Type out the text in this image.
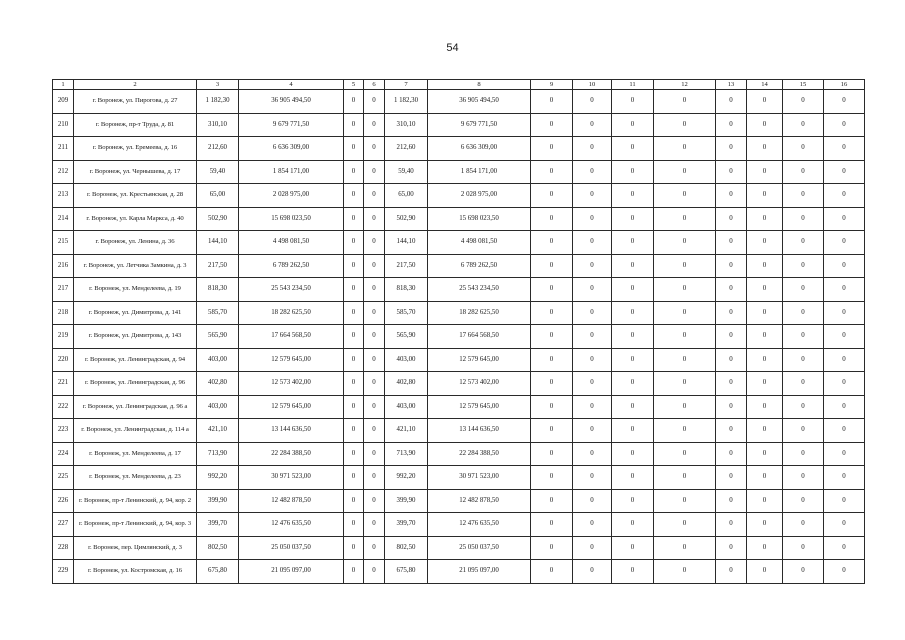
54
1	2	3	4	5	6	7	8	9	10	11	12	13	14	15	16
209	г. Воронеж, ул. Пирогова, д. 27	1 182,30	36 905 494,50	0	0	1 182,30	36 905 494,50	0	0	0	0	0	0	0	0
210	г. Воронеж, пр-т Труда, д. 81	310,10	9 679 771,50	0	0	310,10	9 679 771,50	0	0	0	0	0	0	0	0
211	г. Воронеж, ул. Еремеева, д. 16	212,60	6 636 309,00	0	0	212,60	6 636 309,00	0	0	0	0	0	0	0	0
212	г. Воронеж, ул. Чернышева, д. 17	59,40	1 854 171,00	0	0	59,40	1 854 171,00	0	0	0	0	0	0	0	0
213	г. Воронеж, ул. Крестьянская, д. 28	65,00	2 028 975,00	0	0	65,00	2 028 975,00	0	0	0	0	0	0	0	0
214	г. Воронеж, ул. Карла Маркса, д. 40	502,90	15 698 023,50	0	0	502,90	15 698 023,50	0	0	0	0	0	0	0	0
215	г. Воронеж, ул. Ленина, д. 36	144,10	4 498 081,50	0	0	144,10	4 498 081,50	0	0	0	0	0	0	0	0
216	г. Воронеж, ул. Летчика Замкина, д. 3	217,50	6 789 262,50	0	0	217,50	6 789 262,50	0	0	0	0	0	0	0	0
217	г. Воронеж, ул. Менделеева, д. 19	818,30	25 543 234,50	0	0	818,30	25 543 234,50	0	0	0	0	0	0	0	0
218	г. Воронеж, ул. Димитрова, д. 141	585,70	18 282 625,50	0	0	585,70	18 282 625,50	0	0	0	0	0	0	0	0
219	г. Воронеж, ул. Димитрова, д. 143	565,90	17 664 568,50	0	0	565,90	17 664 568,50	0	0	0	0	0	0	0	0
220	г. Воронеж, ул. Ленинградская, д. 94	403,00	12 579 645,00	0	0	403,00	12 579 645,00	0	0	0	0	0	0	0	0
221	г. Воронеж, ул. Ленинградская, д. 96	402,80	12 573 402,00	0	0	402,80	12 573 402,00	0	0	0	0	0	0	0	0
222	г. Воронеж, ул. Ленинградская, д. 96 а	403,00	12 579 645,00	0	0	403,00	12 579 645,00	0	0	0	0	0	0	0	0
223	г. Воронеж, ул. Ленинградская, д. 114 а	421,10	13 144 636,50	0	0	421,10	13 144 636,50	0	0	0	0	0	0	0	0
224	г. Воронеж, ул. Менделеева, д. 17	713,90	22 284 388,50	0	0	713,90	22 284 388,50	0	0	0	0	0	0	0	0
225	г. Воронеж, ул. Менделеева, д. 23	992,20	30 971 523,00	0	0	992,20	30 971 523,00	0	0	0	0	0	0	0	0
226	г. Воронеж, пр-т Ленинский, д. 94, кор. 2	399,90	12 482 878,50	0	0	399,90	12 482 878,50	0	0	0	0	0	0	0	0
227	г. Воронеж, пр-т Ленинский, д. 94, кор. 3	399,70	12 476 635,50	0	0	399,70	12 476 635,50	0	0	0	0	0	0	0	0
228	г. Воронеж, пер. Цимлянский, д. 3	802,50	25 050 037,50	0	0	802,50	25 050 037,50	0	0	0	0	0	0	0	0
229	г. Воронеж, ул. Костромская, д. 16	675,80	21 095 097,00	0	0	675,80	21 095 097,00	0	0	0	0	0	0	0	0
